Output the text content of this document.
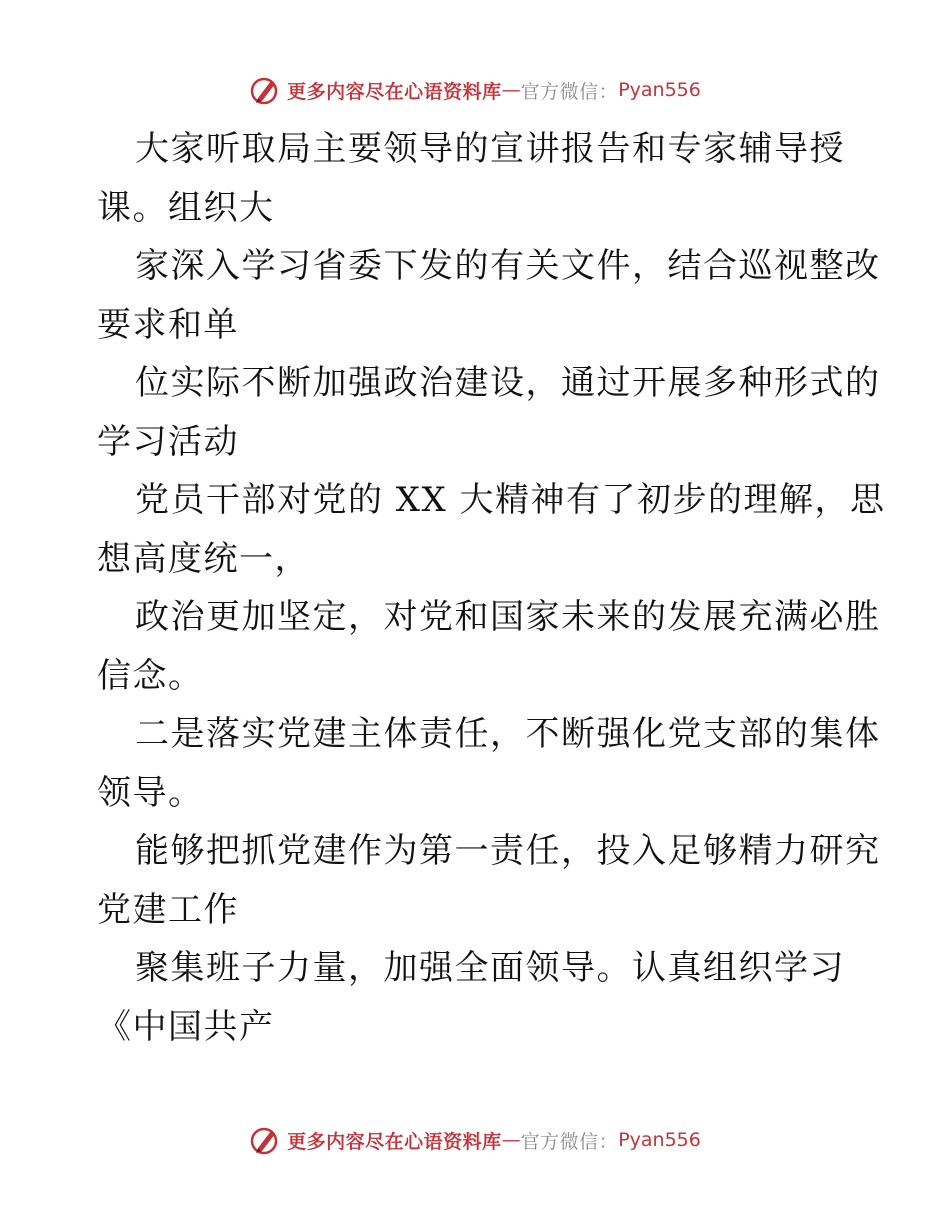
更多内容尽在心语资料库 — 官方微信： Pyan556
大家听取局主要领导的宣讲报告和专家辅导授
课。组织大
家深入学习省委下发的有关文件，结合巡视整改
要求和单
位实际不断加强政治建设，通过开展多种形式的
学习活动
党员干部对党的 XX 大精神有了初步的理解，思
想高度统一，
政治更加坚定，对党和国家未来的发展充满必胜
信念。
二是落实党建主体责任，不断强化党支部的集体
领导。
能够把抓党建作为第一责任，投入足够精力研究
党建工作
聚集班子力量，加强全面领导。认真组织学习
《中国共产
更多内容尽在心语资料库 — 官方微信： Pyan556
